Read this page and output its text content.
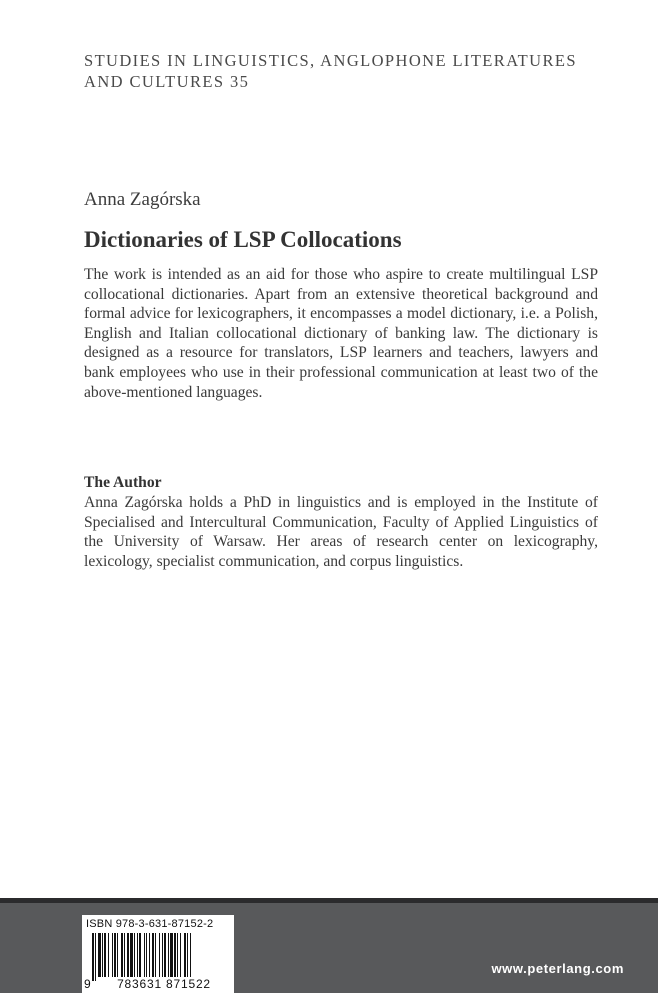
STUDIES IN LINGUISTICS, ANGLOPHONE LITERATURES
AND CULTURES 35
Anna Zagórska
Dictionaries of LSP Collocations

The work is intended as an aid for those who aspire to create multilingual LSP collocational dictionaries. Apart from an extensive theoretical background and formal advice for lexicographers, it encompasses a model dictionary, i.e. a Polish, English and Italian collocational dictionary of banking law. The dictionary is designed as a resource for translators, LSP learners and teachers, lawyers and bank employees who use in their professional communication at least two of the above-mentioned languages.

The Author

Anna Zagórska holds a PhD in linguistics and is employed in the Institute of Specialised and Intercultural Communication, Faculty of Applied Linguistics of the University of Warsaw. Her areas of research center on lexicography, lexicology, specialist communication, and corpus linguistics.

ISBN 978-3-631-87152-2
9	783631 871522
www.peterlang.com
